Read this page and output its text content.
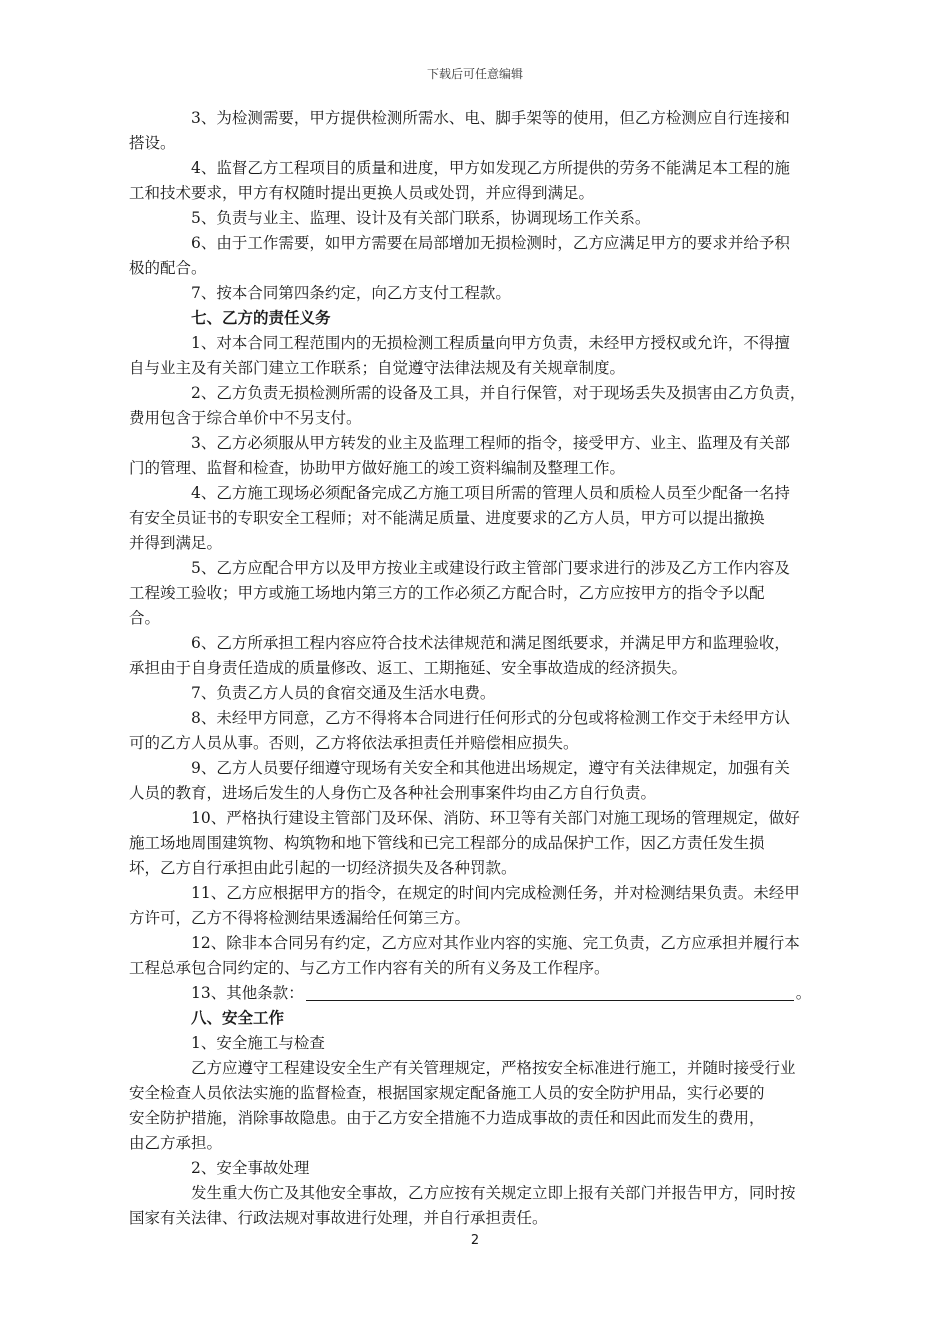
下载后可任意编辑
3、为检测需要，甲方提供检测所需水、电、脚手架等的使用，但乙方检测应自行连接和
搭设。
4、监督乙方工程项目的质量和进度，甲方如发现乙方所提供的劳务不能满足本工程的施
工和技术要求，甲方有权随时提出更换人员或处罚，并应得到满足。
5、负责与业主、监理、设计及有关部门联系，协调现场工作关系。
6、由于工作需要，如甲方需要在局部增加无损检测时，乙方应满足甲方的要求并给予积
极的配合。
7、按本合同第四条约定，向乙方支付工程款。
七、乙方的责任义务
1、对本合同工程范围内的无损检测工程质量向甲方负责，未经甲方授权或允许，不得擅
自与业主及有关部门建立工作联系；自觉遵守法律法规及有关规章制度。
2、乙方负责无损检测所需的设备及工具，并自行保管，对于现场丢失及损害由乙方负责，
费用包含于综合单价中不另支付。
3、乙方必须服从甲方转发的业主及监理工程师的指令，接受甲方、业主、监理及有关部
门的管理、监督和检查，协助甲方做好施工的竣工资料编制及整理工作。
4、乙方施工现场必须配备完成乙方施工项目所需的管理人员和质检人员至少配备一名持
有安全员证书的专职安全工程师；对不能满足质量、进度要求的乙方人员，甲方可以提出撤换
并得到满足。
5、乙方应配合甲方以及甲方按业主或建设行政主管部门要求进行的涉及乙方工作内容及
工程竣工验收；甲方或施工场地内第三方的工作必须乙方配合时，乙方应按甲方的指令予以配
合。
6、乙方所承担工程内容应符合技术法律规范和满足图纸要求，并满足甲方和监理验收，
承担由于自身责任造成的质量修改、返工、工期拖延、安全事故造成的经济损失。
7、负责乙方人员的食宿交通及生活水电费。
8、未经甲方同意，乙方不得将本合同进行任何形式的分包或将检测工作交于未经甲方认
可的乙方人员从事。否则，乙方将依法承担责任并赔偿相应损失。
9、乙方人员要仔细遵守现场有关安全和其他进出场规定，遵守有关法律规定，加强有关
人员的教育，进场后发生的人身伤亡及各种社会刑事案件均由乙方自行负责。
10、严格执行建设主管部门及环保、消防、环卫等有关部门对施工现场的管理规定，做好
施工场地周围建筑物、构筑物和地下管线和已完工程部分的成品保护工作，因乙方责任发生损
坏，乙方自行承担由此引起的一切经济损失及各种罚款。
11、乙方应根据甲方的指令，在规定的时间内完成检测任务，并对检测结果负责。未经甲
方许可，乙方不得将检测结果透漏给任何第三方。
12、除非本合同另有约定，乙方应对其作业内容的实施、完工负责，乙方应承担并履行本
工程总承包合同约定的、与乙方工作内容有关的所有义务及工作程序。
13、其他条款：	。
八、安全工作
1、安全施工与检查
乙方应遵守工程建设安全生产有关管理规定，严格按安全标准进行施工，并随时接受行业
安全检查人员依法实施的监督检查，根据国家规定配备施工人员的安全防护用品，实行必要的
安全防护措施，消除事故隐患。由于乙方安全措施不力造成事故的责任和因此而发生的费用，
由乙方承担。
2、安全事故处理
发生重大伤亡及其他安全事故，乙方应按有关规定立即上报有关部门并报告甲方，同时按
国家有关法律、行政法规对事故进行处理，并自行承担责任。
2
